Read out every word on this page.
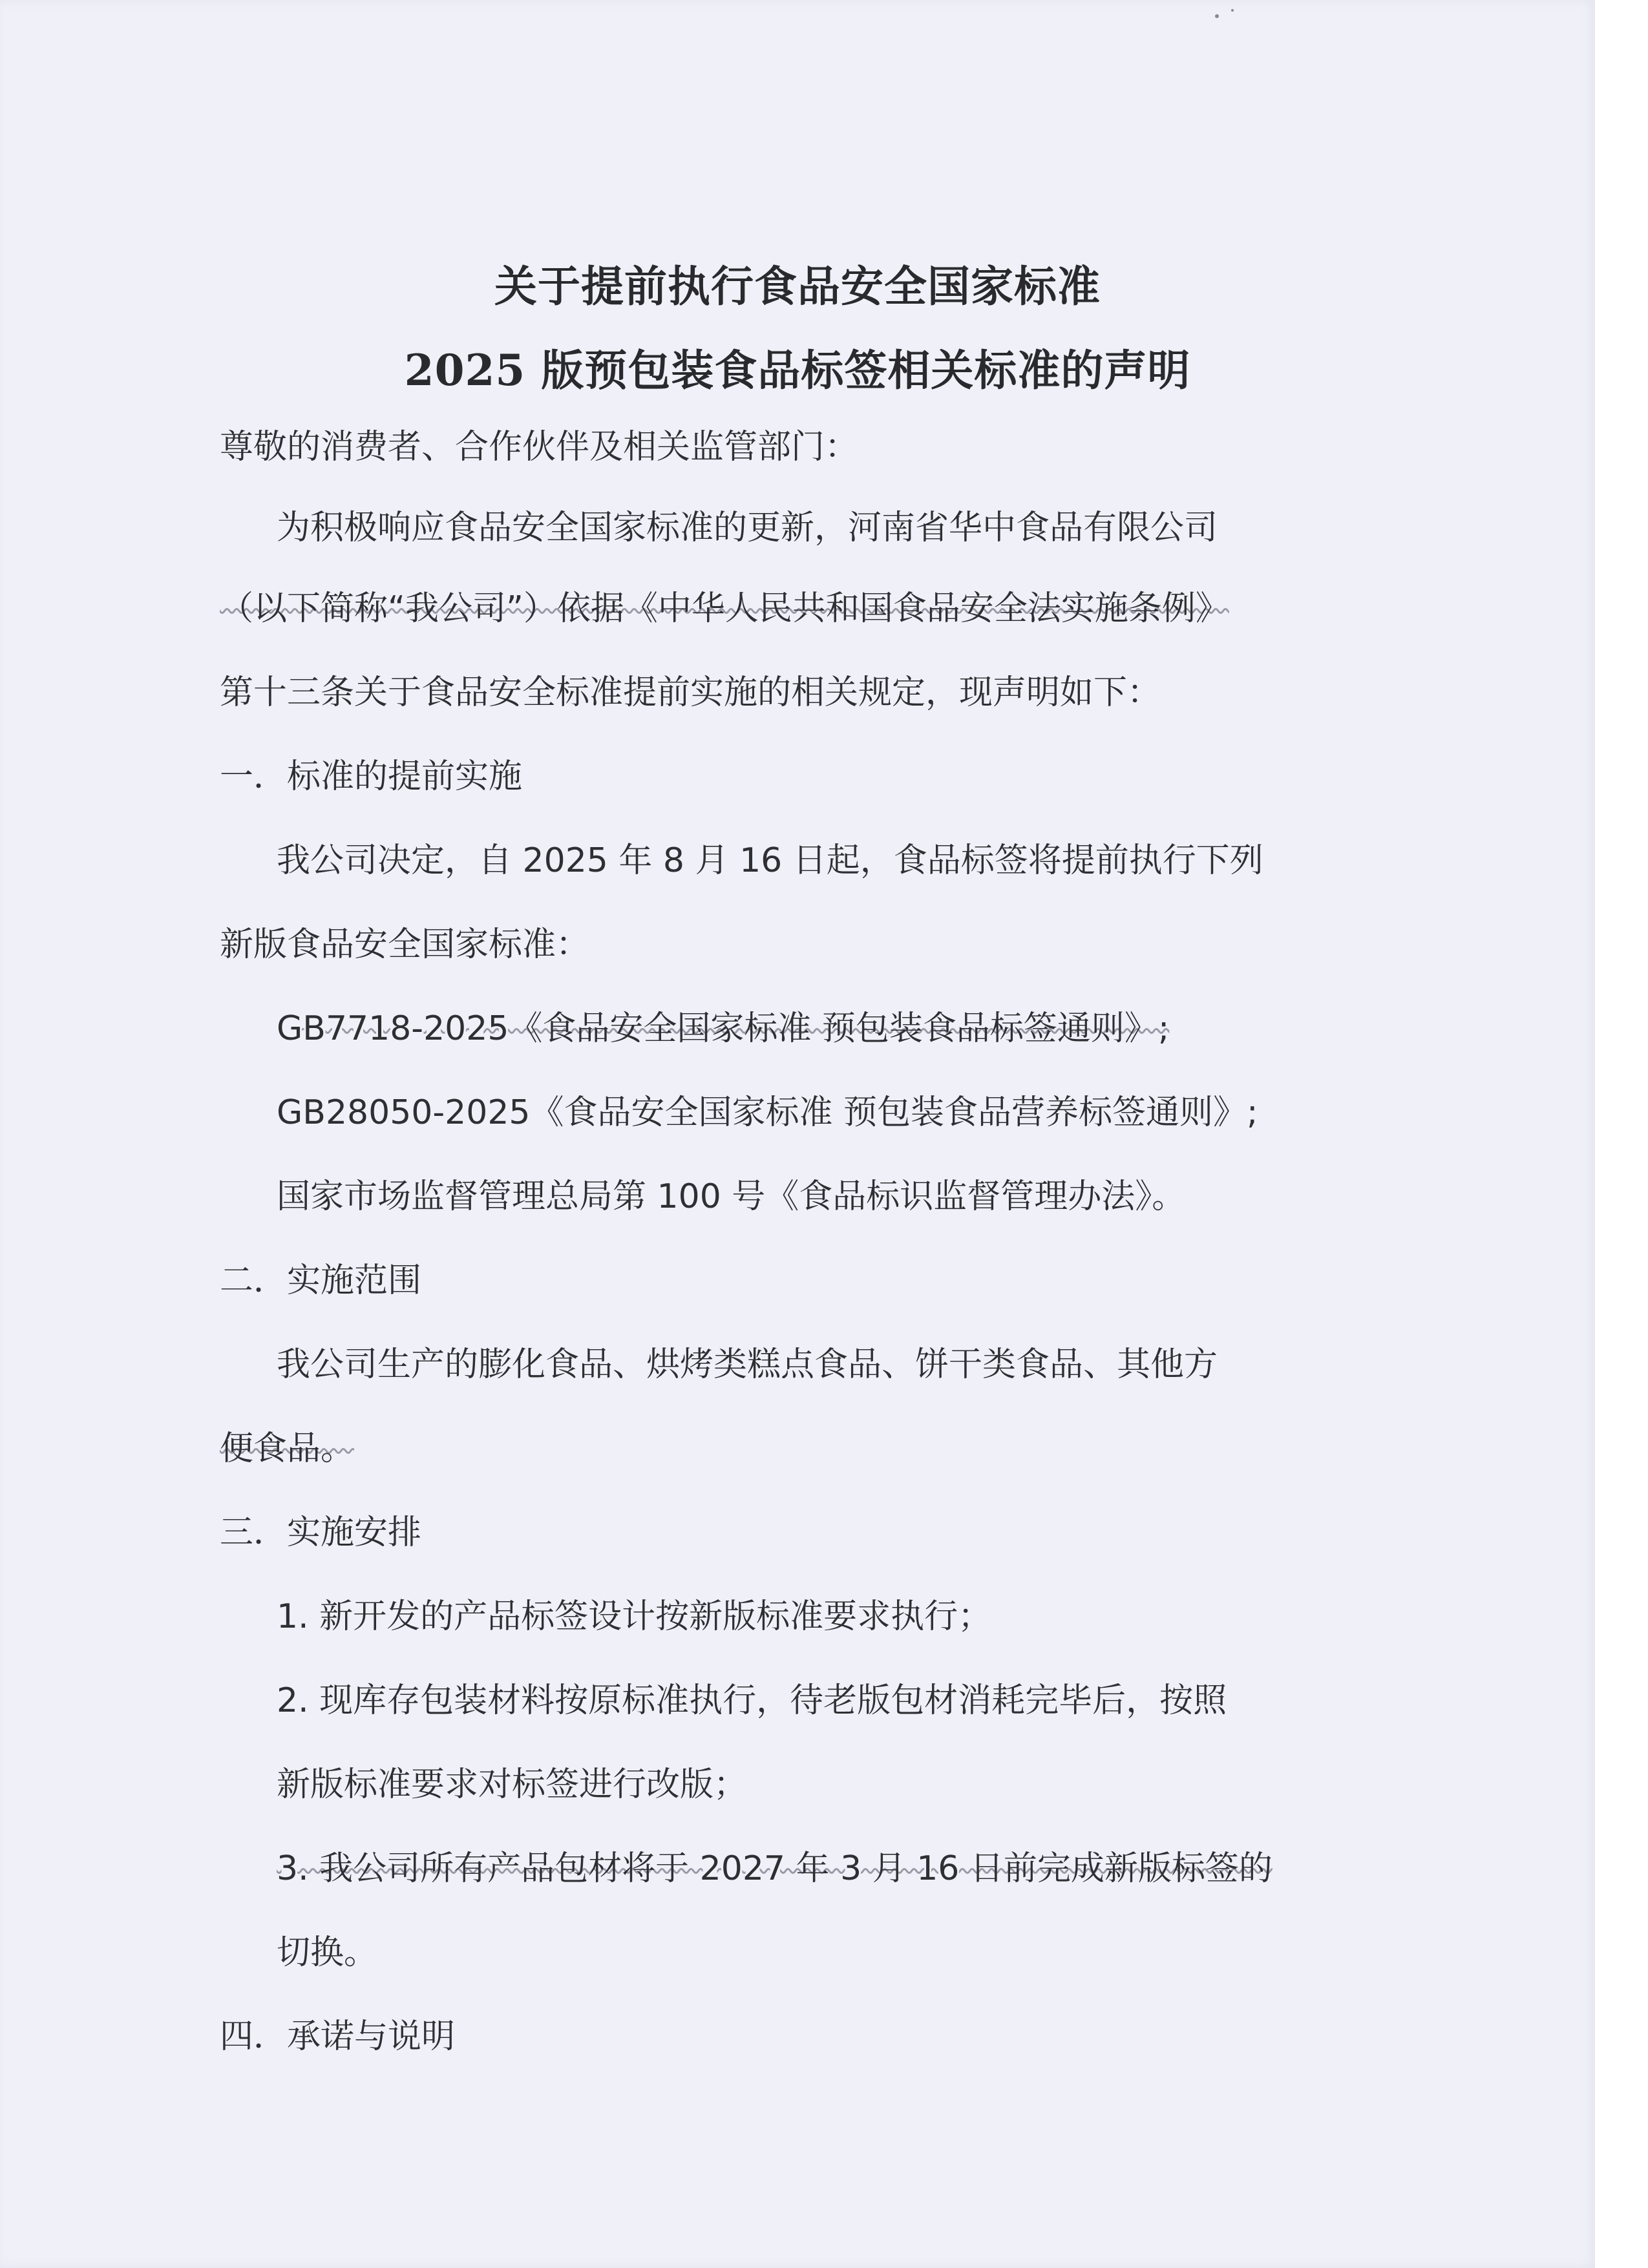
关于提前执行食品安全国家标准
2025 版预包装食品标签相关标准的声明
尊敬的消费者、合作伙伴及相关监管部门：
为积极响应食品安全国家标准的更新，河南省华中食品有限公司
（以下简称“我公司”）依据《中华人民共和国食品安全法实施条例》
第十三条关于食品安全标准提前实施的相关规定，现声明如下：
一．标准的提前实施
我公司决定，自 2025 年 8 月 16 日起，食品标签将提前执行下列
新版食品安全国家标准：
GB7718-2025《食品安全国家标准 预包装食品标签通则》;
GB28050-2025《食品安全国家标准 预包装食品营养标签通则》;
国家市场监督管理总局第 100 号《食品标识监督管理办法》。
二．实施范围
我公司生产的膨化食品、烘烤类糕点食品、饼干类食品、其他方
便食品。
三．实施安排
1. 新开发的产品标签设计按新版标准要求执行；
2. 现库存包装材料按原标准执行，待老版包材消耗完毕后，按照
新版标准要求对标签进行改版；
3. 我公司所有产品包材将于 2027 年 3 月 16 日前完成新版标签的
切换。
四．承诺与说明
